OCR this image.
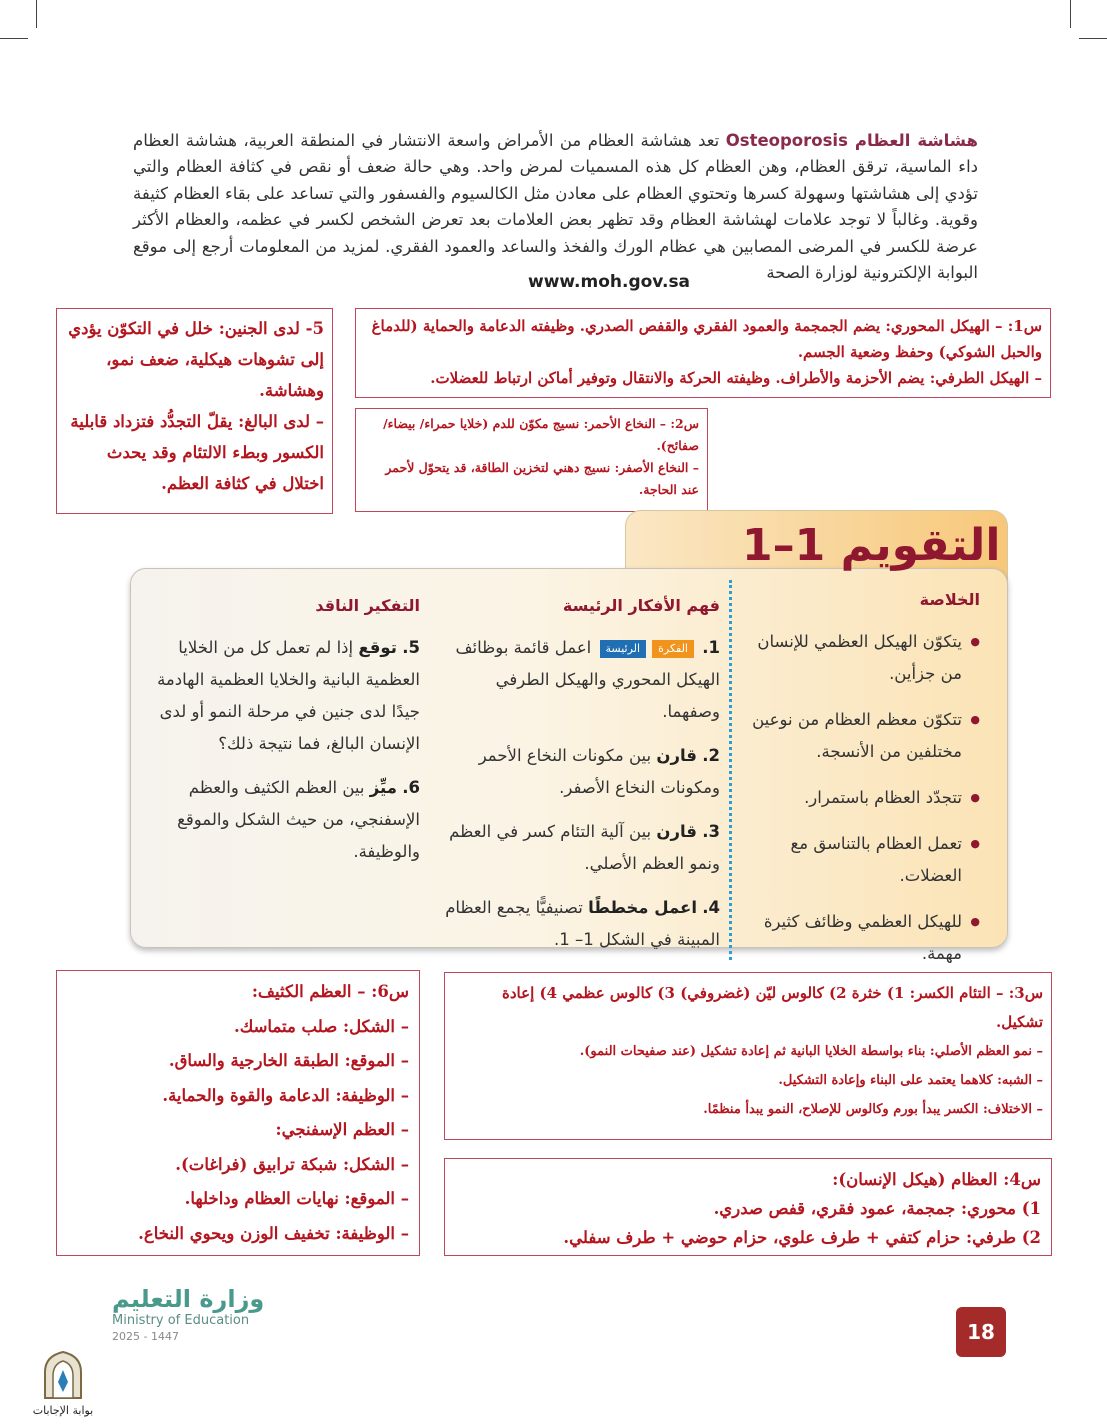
هشاشة العظام Osteoporosis تعد هشاشة العظام من الأمراض واسعة الانتشار في المنطقة العربية، هشاشة العظام داء الماسية، ترقق العظام، وهن العظام كل هذه المسميات لمرض واحد. وهي حالة ضعف أو نقص في كثافة العظام والتي تؤدي إلى هشاشتها وسهولة كسرها وتحتوي العظام على معادن مثل الكالسيوم والفسفور والتي تساعد على بقاء العظام كثيفة وقوية. وغالباً لا توجد علامات لهشاشة العظام وقد تظهر بعض العلامات بعد تعرض الشخص لكسر في عظمه، والعظام الأكثر عرضة للكسر في المرضى المصابين هي عظام الورك والفخذ والساعد والعمود الفقري. لمزيد من المعلومات أرجع إلى موقع البوابة الإلكترونية لوزارة الصحة
www.moh.gov.sa

س1: – الهيكل المحوري: يضم الجمجمة والعمود الفقري والقفص الصدري. وظيفته الدعامة والحماية (للدماغ والحبل الشوكي) وحفظ وضعية الجسم.

– الهيكل الطرفي: يضم الأحزمة والأطراف. وظيفته الحركة والانتقال وتوفير أماكن ارتباط للعضلات.

س2: – النخاع الأحمر: نسيج مكوّن للدم (خلايا حمراء/ بيضاء/صفائح).

– النخاع الأصفر: نسيج دهني لتخزين الطاقة، قد يتحوّل لأحمر عند الحاجة.

5- لدى الجنين: خلل في التكوّن يؤدي إلى تشوهات هيكلية، ضعف نمو، وهشاشة.

– لدى البالغ: يقلّ التجدُّد فتزداد قابلية الكسور وبطء الالتئام وقد يحدث اختلال في كثافة العظم.

التقويم 1–1
الخلاصة
● يتكوّن الهيكل العظمي للإنسان من جزأين.
● تتكوّن معظم العظام من نوعين مختلفين من الأنسجة.
● تتجدّد العظام باستمرار.
● تعمل العظام بالتناسق مع العضلات.
● للهيكل العظمي وظائف كثيرة مهمة.
فهم الأفكار الرئيسة
1. الفكرةالرئيسة اعمل قائمة بوظائف الهيكل المحوري والهيكل الطرفي وصفهما.
2. قارن بين مكونات النخاع الأحمر ومكونات النخاع الأصفر.
3. قارن بين آلية التئام كسر في العظم ونمو العظم الأصلي.
4. اعمل مخططًا تصنيفيًّا يجمع العظام المبينة في الشكل 1– 1.
التفكير الناقد
5. توقع إذا لم تعمل كل من الخلايا العظمية البانية والخلايا العظمية الهادمة جيدًا لدى جنين في مرحلة النمو أو لدى الإنسان البالغ، فما نتيجة ذلك؟
6. ميِّز بين العظم الكثيف والعظم الإسفنجي، من حيث الشكل والموقع والوظيفة.

س6: – العظم الكثيف:

– الشكل: صلب متماسك.

– الموقع: الطبقة الخارجية والساق.

– الوظيفة: الدعامة والقوة والحماية.

– العظم الإسفنجي:

– الشكل: شبكة ترابيق (فراغات).

– الموقع: نهايات العظام وداخلها.

– الوظيفة: تخفيف الوزن ويحوي النخاع.

س3: – التئام الكسر: 1) خثرة 2) كالوس ليّن (غضروفي) 3) كالوس عظمي 4) إعادة تشكيل.

– نمو العظم الأصلي: بناء بواسطة الخلايا البانية ثم إعادة تشكيل (عند صفيحات النمو).

– الشبه: كلاهما يعتمد على البناء وإعادة التشكيل.

– الاختلاف: الكسر يبدأ بورم وكالوس للإصلاح، النمو يبدأ منظمًا.

س4: العظام (هيكل الإنسان):

1) محوري: جمجمة، عمود فقري، قفص صدري.

2) طرفي: حزام كتفي + طرف علوي، حزام حوضي + طرف سفلي.

وزارة التعليم
Ministry of Education
2025 - 1447	18
بوابة الإجابات
